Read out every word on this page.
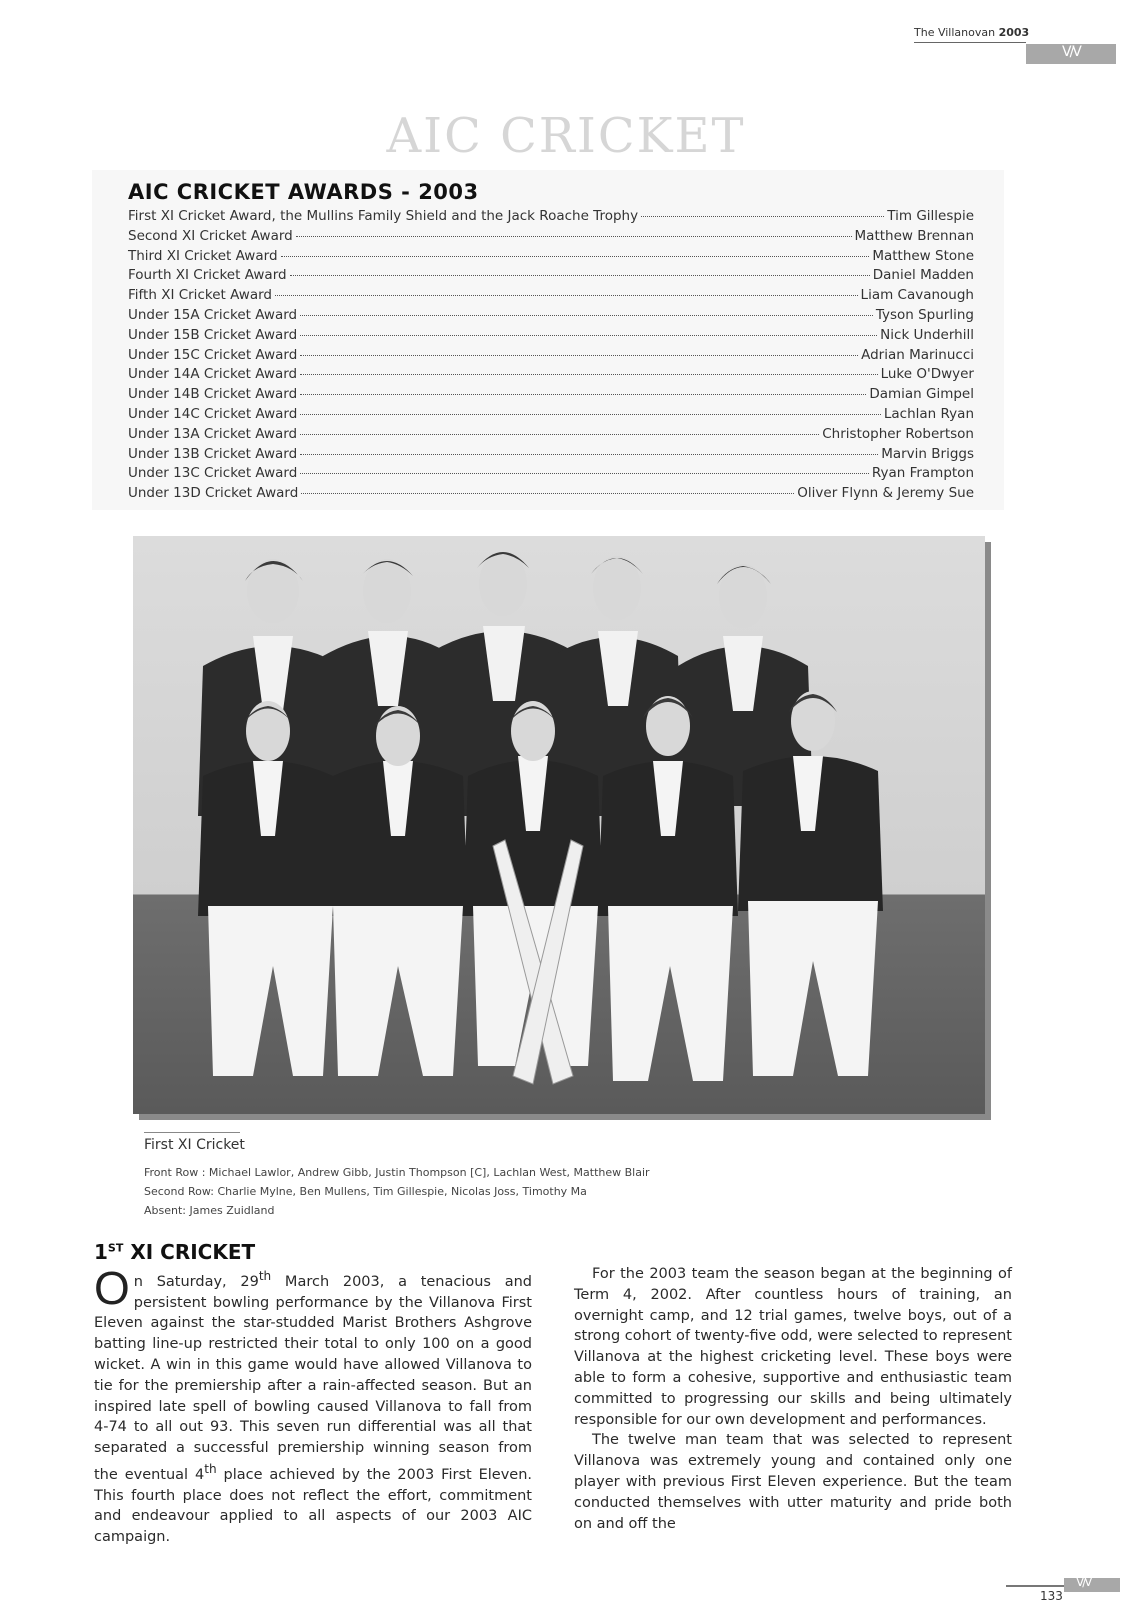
The Villanovan 2003
V/V
AIC CRICKET
AIC CRICKET AWARDS - 2003
First XI Cricket Award, the Mullins Family Shield and the Jack Roache Trophy	Tim Gillespie
Second XI Cricket Award	Matthew Brennan
Third XI Cricket Award	Matthew Stone
Fourth XI Cricket Award	Daniel Madden
Fifth XI Cricket Award	Liam Cavanough
Under 15A Cricket Award	Tyson Spurling
Under 15B Cricket Award	Nick Underhill
Under 15C Cricket Award	Adrian Marinucci
Under 14A Cricket Award	Luke O'Dwyer
Under 14B Cricket Award	Damian Gimpel
Under 14C Cricket Award	Lachlan Ryan
Under 13A Cricket Award	Christopher Robertson
Under 13B Cricket Award	Marvin Briggs
Under 13C Cricket Award	Ryan Frampton
Under 13D Cricket Award	Oliver Flynn & Jeremy Sue
First XI Cricket
Front Row : Michael Lawlor, Andrew Gibb, Justin Thompson [C], Lachlan West, Matthew Blair
Second Row: Charlie Mylne, Ben Mullens, Tim Gillespie, Nicolas Joss, Timothy Ma
Absent: James Zuidland
1ST XI CRICKET

On Saturday, 29th March 2003, a tenacious and persistent bowling performance by the Villanova First Eleven against the star-studded Marist Brothers Ashgrove batting line-up restricted their total to only 100 on a good wicket. A win in this game would have allowed Villanova to tie for the premiership after a rain-affected season. But an inspired late spell of bowling caused Villanova to fall from 4-74 to all out 93. This seven run differential was all that separated a successful premiership winning season from the eventual 4th place achieved by the 2003 First Eleven. This fourth place does not reflect the effort, commitment and endeavour applied to all aspects of our 2003 AIC campaign.

For the 2003 team the season began at the beginning of Term 4, 2002. After countless hours of training, an overnight camp, and 12 trial games, twelve boys, out of a strong cohort of twenty-five odd, were selected to represent Villanova at the highest cricketing level. These boys were able to form a cohesive, supportive and enthusiastic team committed to progressing our skills and being ultimately responsible for our own development and performances.

The twelve man team that was selected to represent Villanova was extremely young and contained only one player with previous First Eleven experience. But the team conducted themselves with utter maturity and pride both on and off the

V/V
133
